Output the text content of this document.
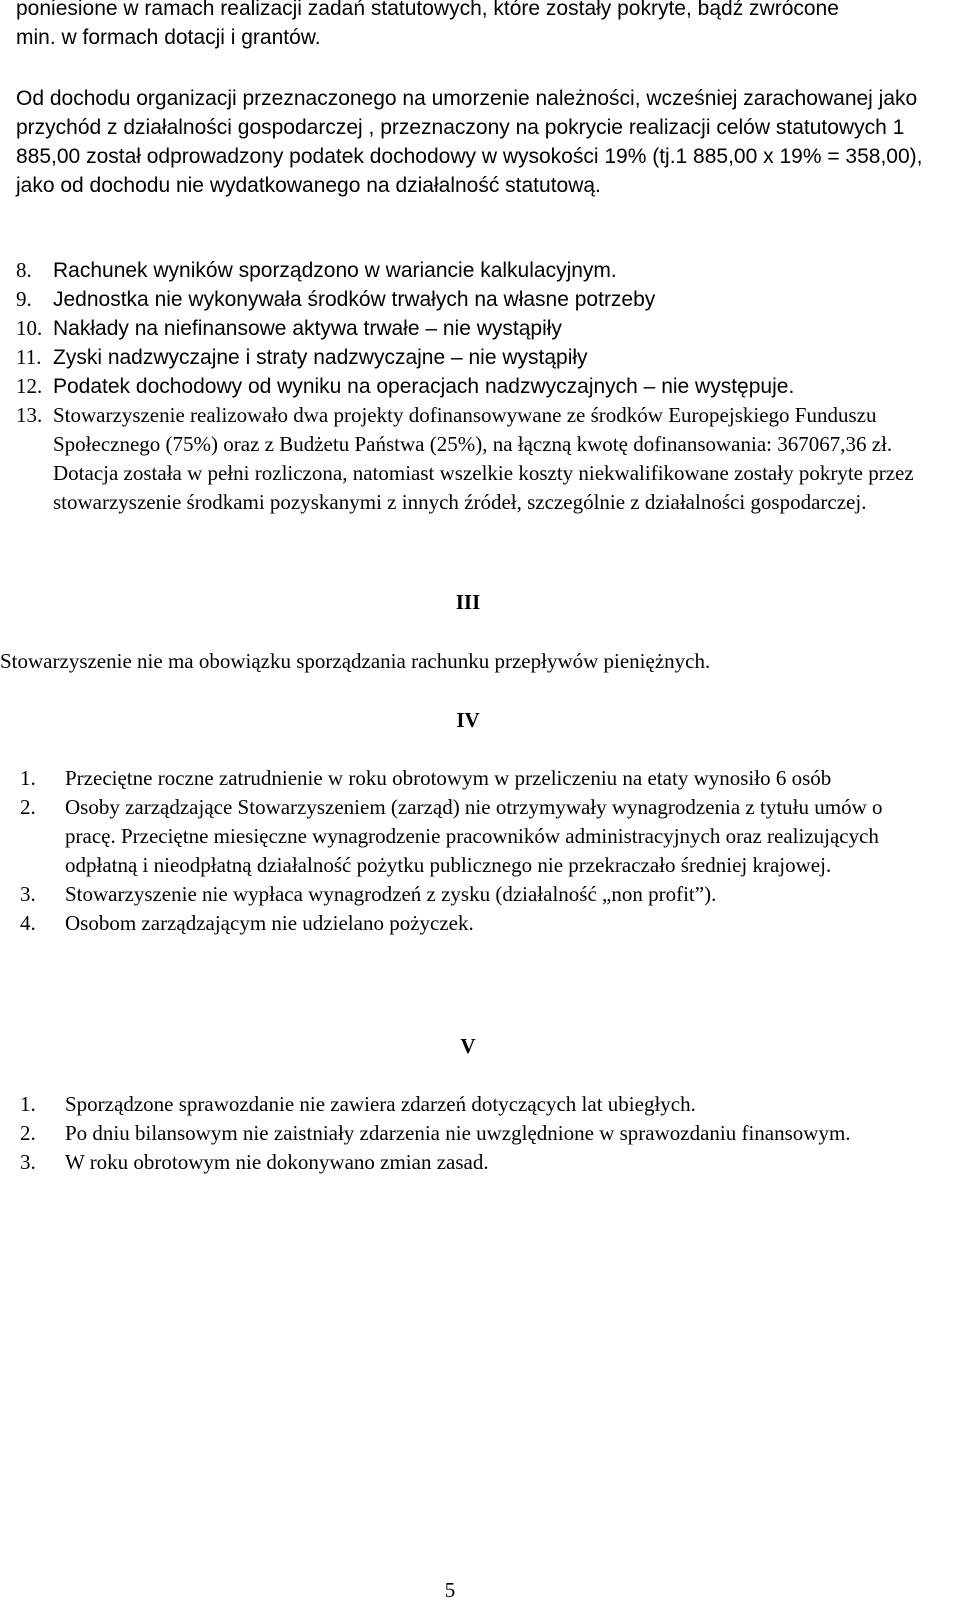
poniesione w ramach realizacji zadań statutowych, które zostały pokryte, bądź zwrócone

min. w formach dotacji i grantów.

Od dochodu organizacji przeznaczonego na umorzenie należności, wcześniej zarachowanej jako przychód z działalności gospodarczej , przeznaczony na pokrycie realizacji celów statutowych 1 885,00 został odprowadzony podatek dochodowy w wysokości 19% (tj.1 885,00 x 19% = 358,00), jako od dochodu nie wydatkowanego na działalność statutową.

8.	Rachunek wyników sporządzono w wariancie kalkulacyjnym.
9.	Jednostka nie wykonywała środków trwałych na własne potrzeby
10. Nakłady na niefinansowe aktywa trwałe – nie wystąpiły
11. Zyski nadzwyczajne i straty nadzwyczajne – nie wystąpiły
12. Podatek dochodowy od wyniku na operacjach nadzwyczajnych – nie występuje.
13. Stowarzyszenie realizowało dwa projekty dofinansowywane ze środków Europejskiego Funduszu Społecznego (75%) oraz z Budżetu Państwa (25%), na łączną kwotę dofinansowania: 367067,36 zł. Dotacja została w pełni rozliczona, natomiast wszelkie koszty niekwalifikowane zostały pokryte przez stowarzyszenie środkami pozyskanymi z innych źródeł, szczególnie z działalności gospodarczej.
III

Stowarzyszenie nie ma obowiązku sporządzania rachunku przepływów pieniężnych.

IV
1.	Przeciętne roczne zatrudnienie w roku obrotowym w przeliczeniu na etaty wynosiło 6 osób
2.	Osoby zarządzające Stowarzyszeniem (zarząd) nie otrzymywały wynagrodzenia z tytułu umów o pracę. Przeciętne miesięczne wynagrodzenie pracowników administracyjnych oraz realizujących odpłatną i nieodpłatną działalność pożytku publicznego nie przekraczało średniej krajowej.
3.	Stowarzyszenie nie wypłaca wynagrodzeń z zysku (działalność „non profit”).
4.	Osobom zarządzającym nie udzielano pożyczek.
V
1.	Sporządzone sprawozdanie nie zawiera zdarzeń dotyczących lat ubiegłych.
2.	Po dniu bilansowym nie zaistniały zdarzenia nie uwzględnione w sprawozdaniu finansowym.
3.	W roku obrotowym nie dokonywano zmian zasad.
5
